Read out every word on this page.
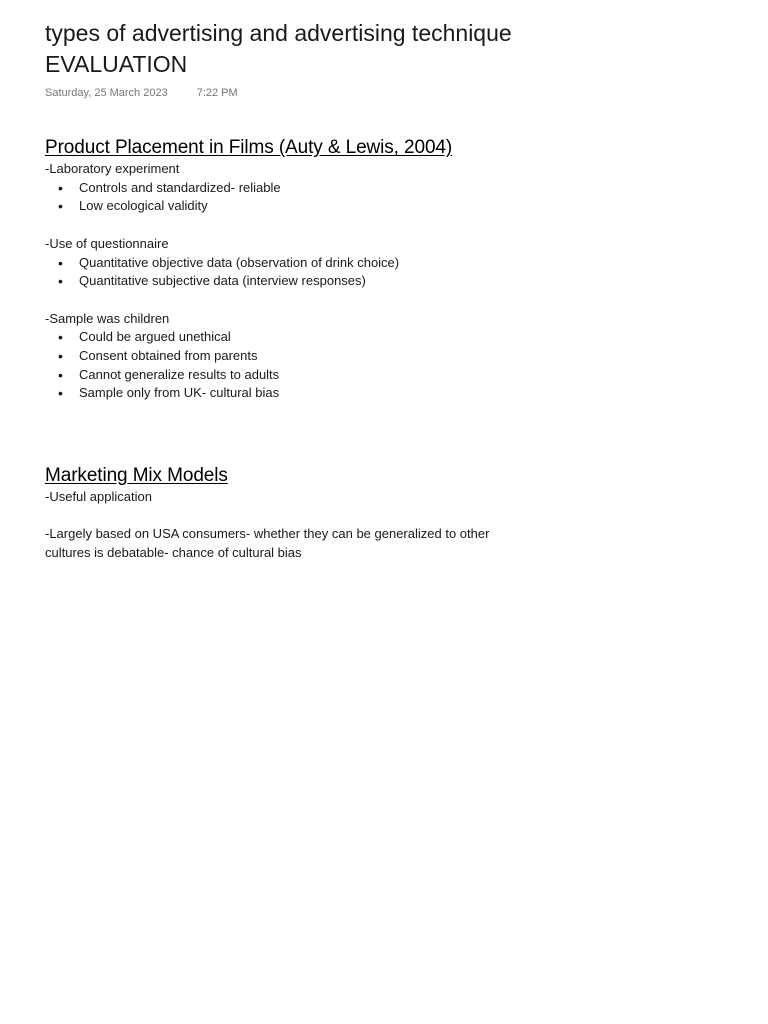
types of advertising and advertising technique
EVALUATION
Saturday, 25 March 2023	7:22 PM
Product Placement in Films (Auty & Lewis, 2004)

-Laboratory experiment

• Controls and standardized- reliable
• Low ecological validity

-Use of questionnaire

• Quantitative objective data (observation of drink choice)
• Quantitative subjective data (interview responses)

-Sample was children

• Could be argued unethical
• Consent obtained from parents
• Cannot generalize results to adults
• Sample only from UK- cultural bias
Marketing Mix Models

-Useful application

-Largely based on USA consumers- whether they can be generalized to other cultures is debatable- chance of cultural bias
